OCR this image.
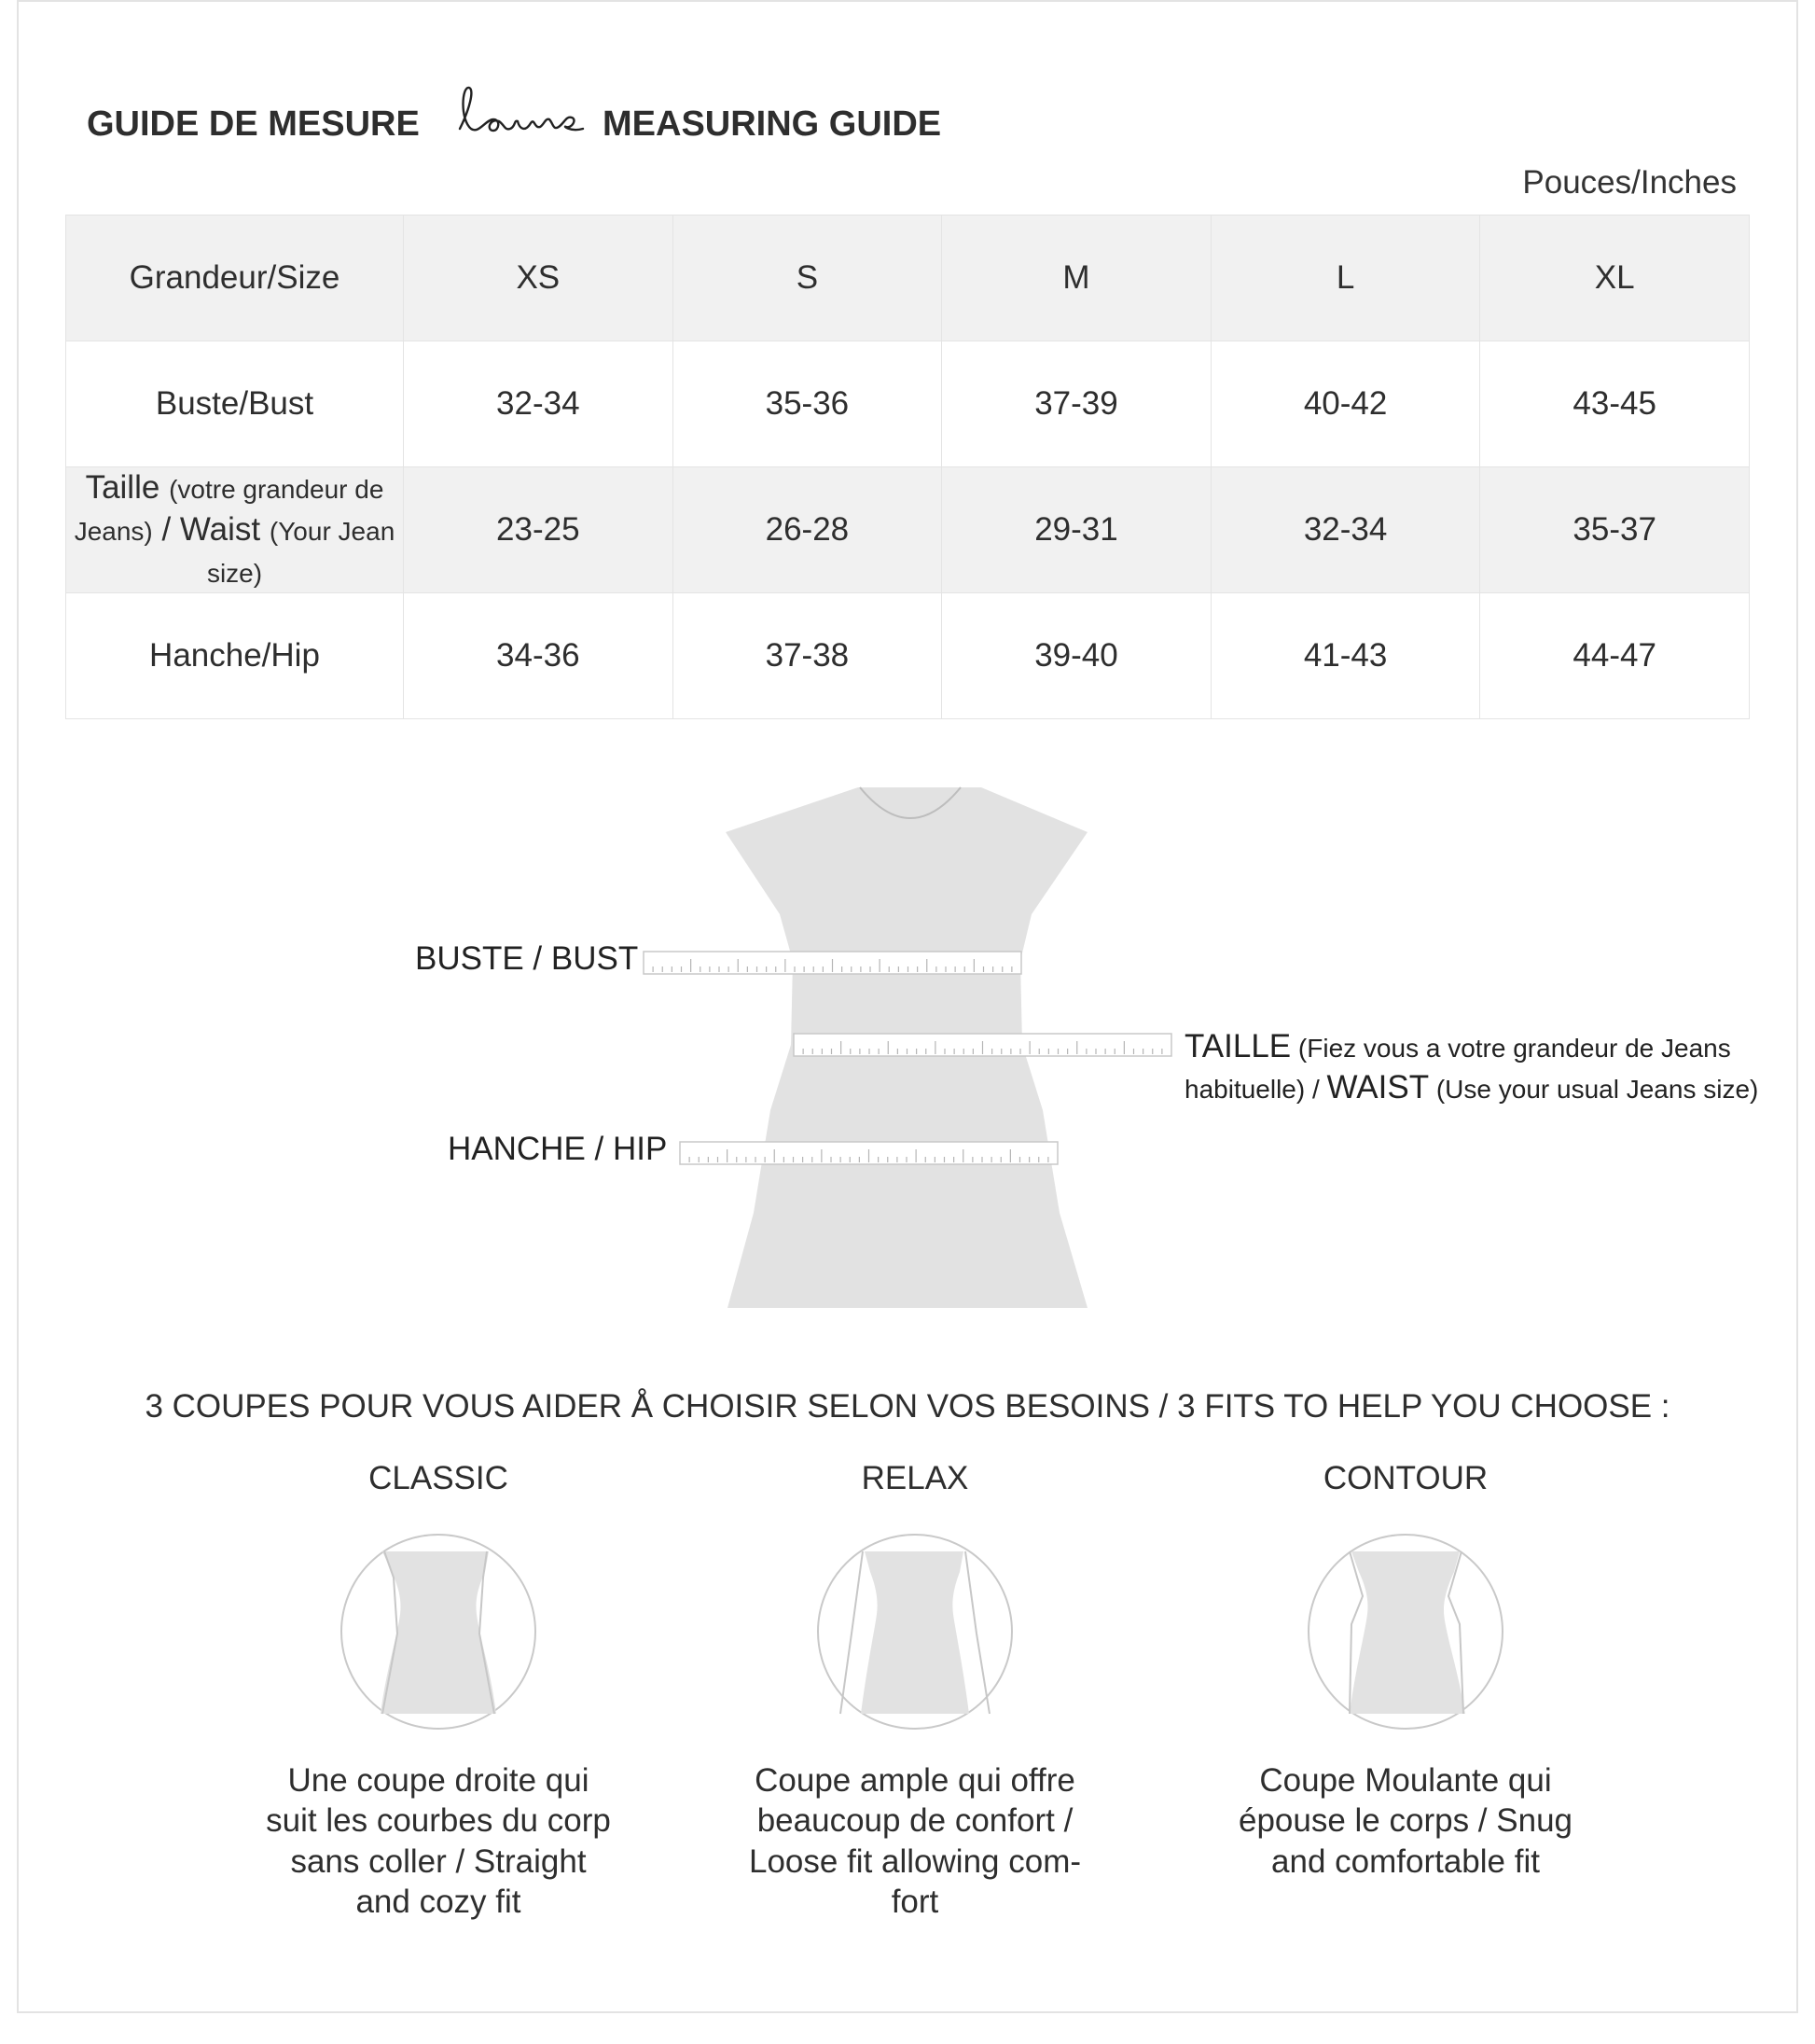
GUIDE DE MESURE	MEASURING GUIDE
Pouces/Inches
Grandeur/Size	XS	S	M	L	XL
Buste/Bust	32-34	35-36	37-39	40-42	43-45

Taille (votre grandeur de Jeans) / Waist (Your Jean size)	23-25	26-28	29-31	32-34	35-37
Hanche/Hip	34-36	37-38	39-40	41-43	44-47
BUSTE / BUST
HANCHE / HIP
TAILLE (Fiez vous a votre grandeur de Jeans habituelle) / WAIST (Use your usual Jeans size)
3 COUPES POUR VOUS AIDER Å CHOISIR SELON VOS BESOINS / 3 FITS TO HELP YOU CHOOSE :
CLASSIC
Une coupe droite qui suit les courbes du corp sans coller / Straight and cozy fit
RELAX
Coupe ample qui offre beaucoup de confort / Loose fit allowing com- fort
CONTOUR
Coupe Moulante qui épouse le corps / Snug and comfortable fit
